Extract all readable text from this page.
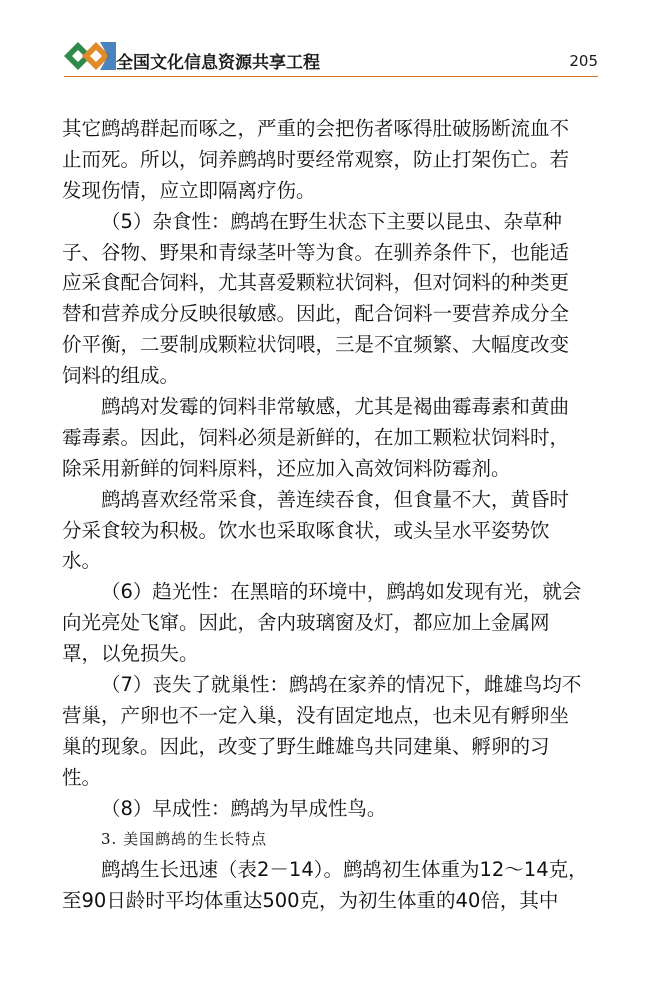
全国文化信息资源共享工程	205
其它鹧鸪群起而啄之，严重的会把伤者啄得肚破肠断流血不
止而死。所以，饲养鹧鸪时要经常观察，防止打架伤亡。若
发现伤情，应立即隔离疗伤。
（5）杂食性：鹧鸪在野生状态下主要以昆虫、杂草种
子、谷物、野果和青绿茎叶等为食。在驯养条件下，也能适
应采食配合饲料，尤其喜爱颗粒状饲料，但对饲料的种类更
替和营养成分反映很敏感。因此，配合饲料一要营养成分全
价平衡，二要制成颗粒状饲喂，三是不宜频繁、大幅度改变
饲料的组成。
鹧鸪对发霉的饲料非常敏感，尤其是褐曲霉毒素和黄曲
霉毒素。因此，饲料必须是新鲜的，在加工颗粒状饲料时，
除采用新鲜的饲料原料，还应加入高效饲料防霉剂。
鹧鸪喜欢经常采食，善连续吞食，但食量不大，黄昏时
分采食较为积极。饮水也采取啄食状，或头呈水平姿势饮
水。
（6）趋光性：在黑暗的环境中，鹧鸪如发现有光，就会
向光亮处飞窜。因此，舍内玻璃窗及灯，都应加上金属网
罩，以免损失。
（7）丧失了就巢性：鹧鸪在家养的情况下，雌雄鸟均不
营巢，产卵也不一定入巢，没有固定地点，也未见有孵卵坐
巢的现象。因此，改变了野生雌雄鸟共同建巢、孵卵的习
性。
（8）早成性：鹧鸪为早成性鸟。
3. 美国鹧鸪的生长特点
鹧鸪生长迅速（表2－14）。鹧鸪初生体重为12～14克，
至90日龄时平均体重达500克，为初生体重的40倍，其中
